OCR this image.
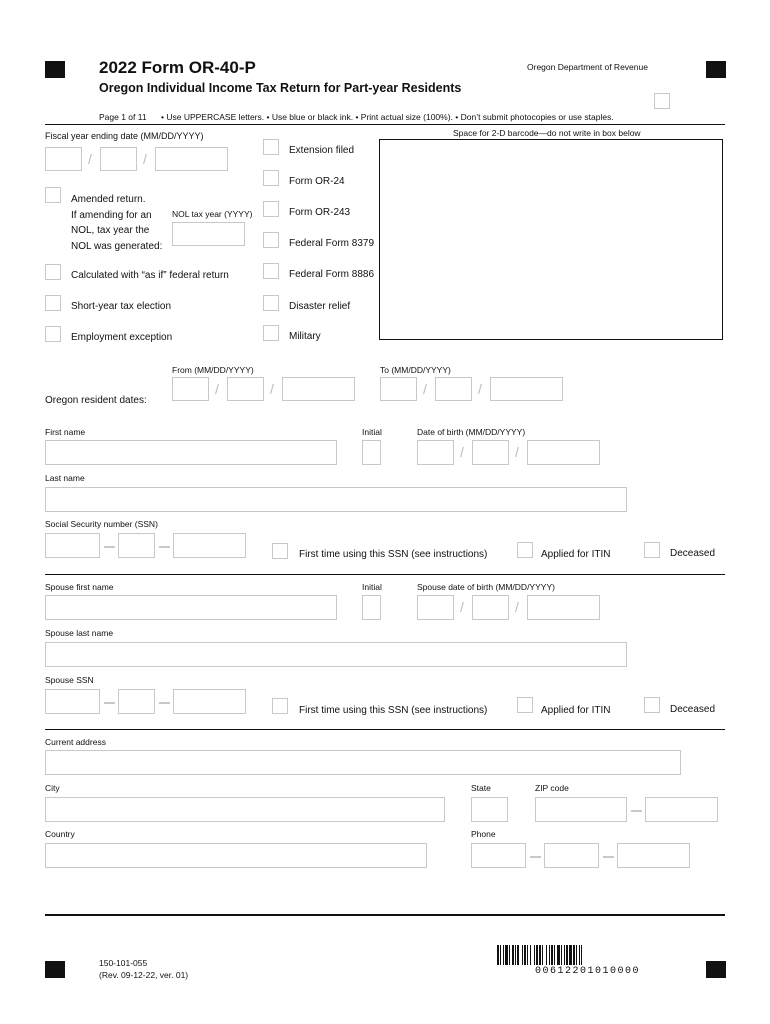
2022 Form OR-40-P
Oregon Individual Income Tax Return for Part-year Residents
Oregon Department of Revenue
Page 1 of 11 • Use UPPERCASE letters. • Use blue or black ink. • Print actual size (100%). • Don’t submit photocopies or use staples.
Space for 2-D barcode—do not write in box below
Fiscal year ending date (MM/DD/YYYY)
/	/
Amended return.
If amending for an
NOL, tax year the
NOL was generated:
NOL tax year (YYYY)
Calculated with “as if” federal return
Short-year tax election
Employment exception
Extension filed
Form OR-24
Form OR-243
Federal Form 8379
Federal Form 8886
Disaster relief
Military
From (MM/DD/YYYY)	To (MM/DD/YYYY)
Oregon resident dates:
/	/	/	/
First name	Initial	Date of birth (MM/DD/YYYY)
/	/
Last name
Social Security number (SSN)
First time using this SSN (see instructions)	Applied for ITIN	Deceased
Spouse first name	Initial	Spouse date of birth (MM/DD/YYYY)
/	/
Spouse last name
Spouse SSN
First time using this SSN (see instructions)	Applied for ITIN	Deceased
Current address
City	State	ZIP code
Country	Phone
150-101-055
(Rev. 09-12-22, ver. 01)	00612201010000
